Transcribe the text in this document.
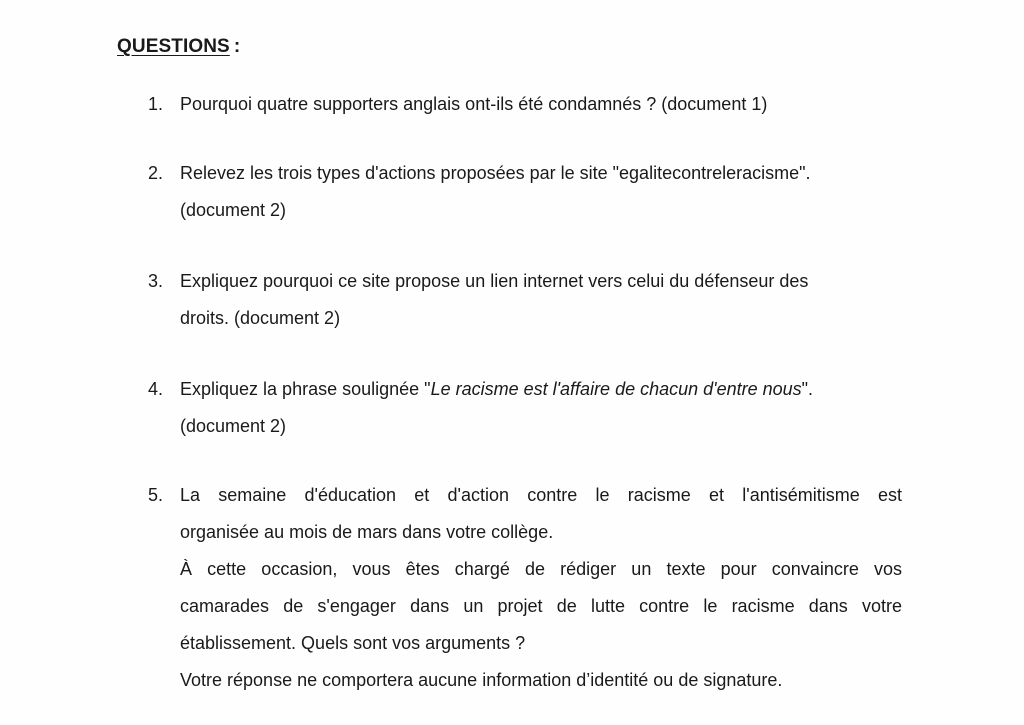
QUESTIONS :
1. Pourquoi quatre supporters anglais ont-ils été condamnés ? (document 1)
2. Relevez les trois types d'actions proposées par le site "egalitecontreleracisme".
(document 2)
3. Expliquez pourquoi ce site propose un lien internet vers celui du défenseur des
droits. (document 2)
4. Expliquez la phrase soulignée "Le racisme est l'affaire de chacun d'entre nous".
(document 2)
5. La semaine d'éducation et d'action contre le racisme et l'antisémitisme est
organisée au mois de mars dans votre collège.
À cette occasion, vous êtes chargé de rédiger un texte pour convaincre vos
camarades de s'engager dans un projet de lutte contre le racisme dans votre
établissement. Quels sont vos arguments ?
Votre réponse ne comportera aucune information d’identité ou de signature.
